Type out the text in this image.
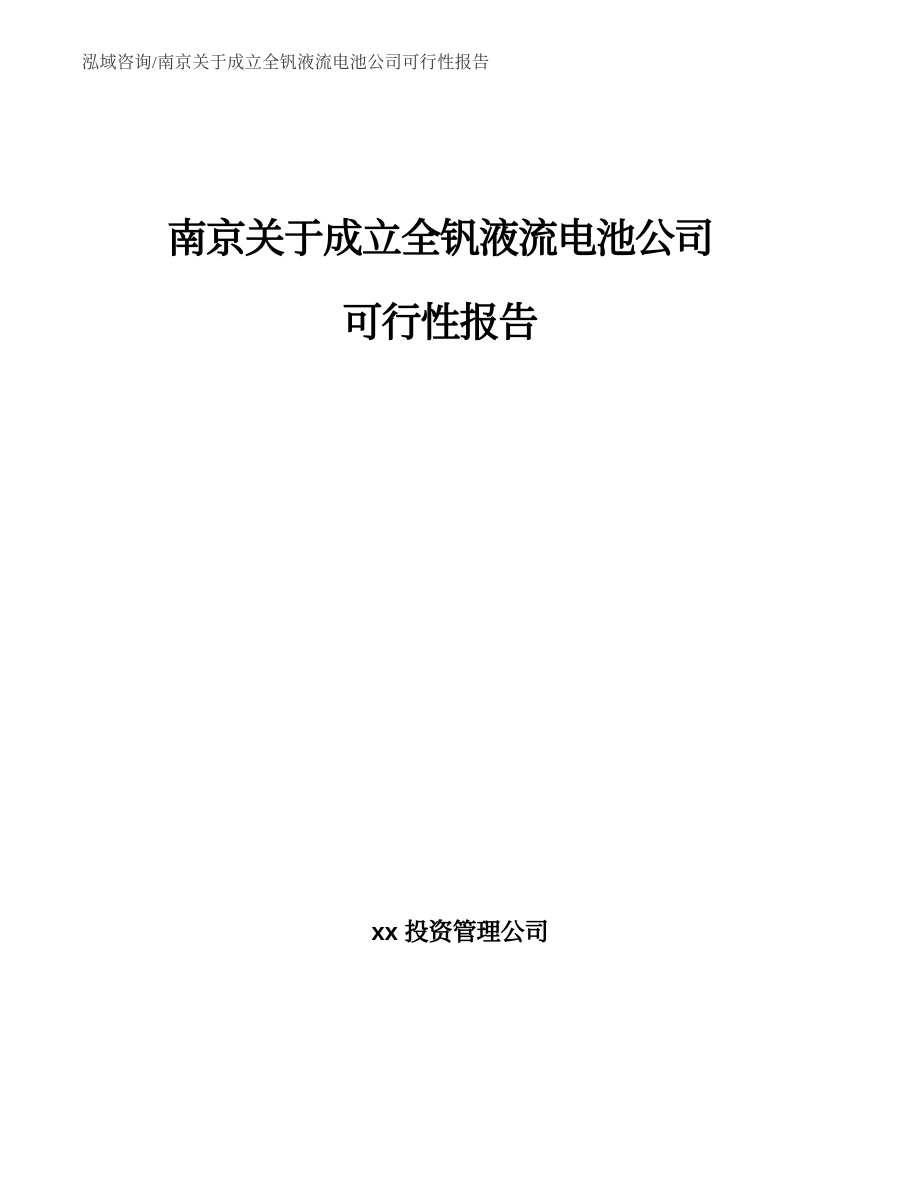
泓域咨询/南京关于成立全钒液流电池公司可行性报告

南京关于成立全钒液流电池公司

可行性报告

xx 投资管理公司
